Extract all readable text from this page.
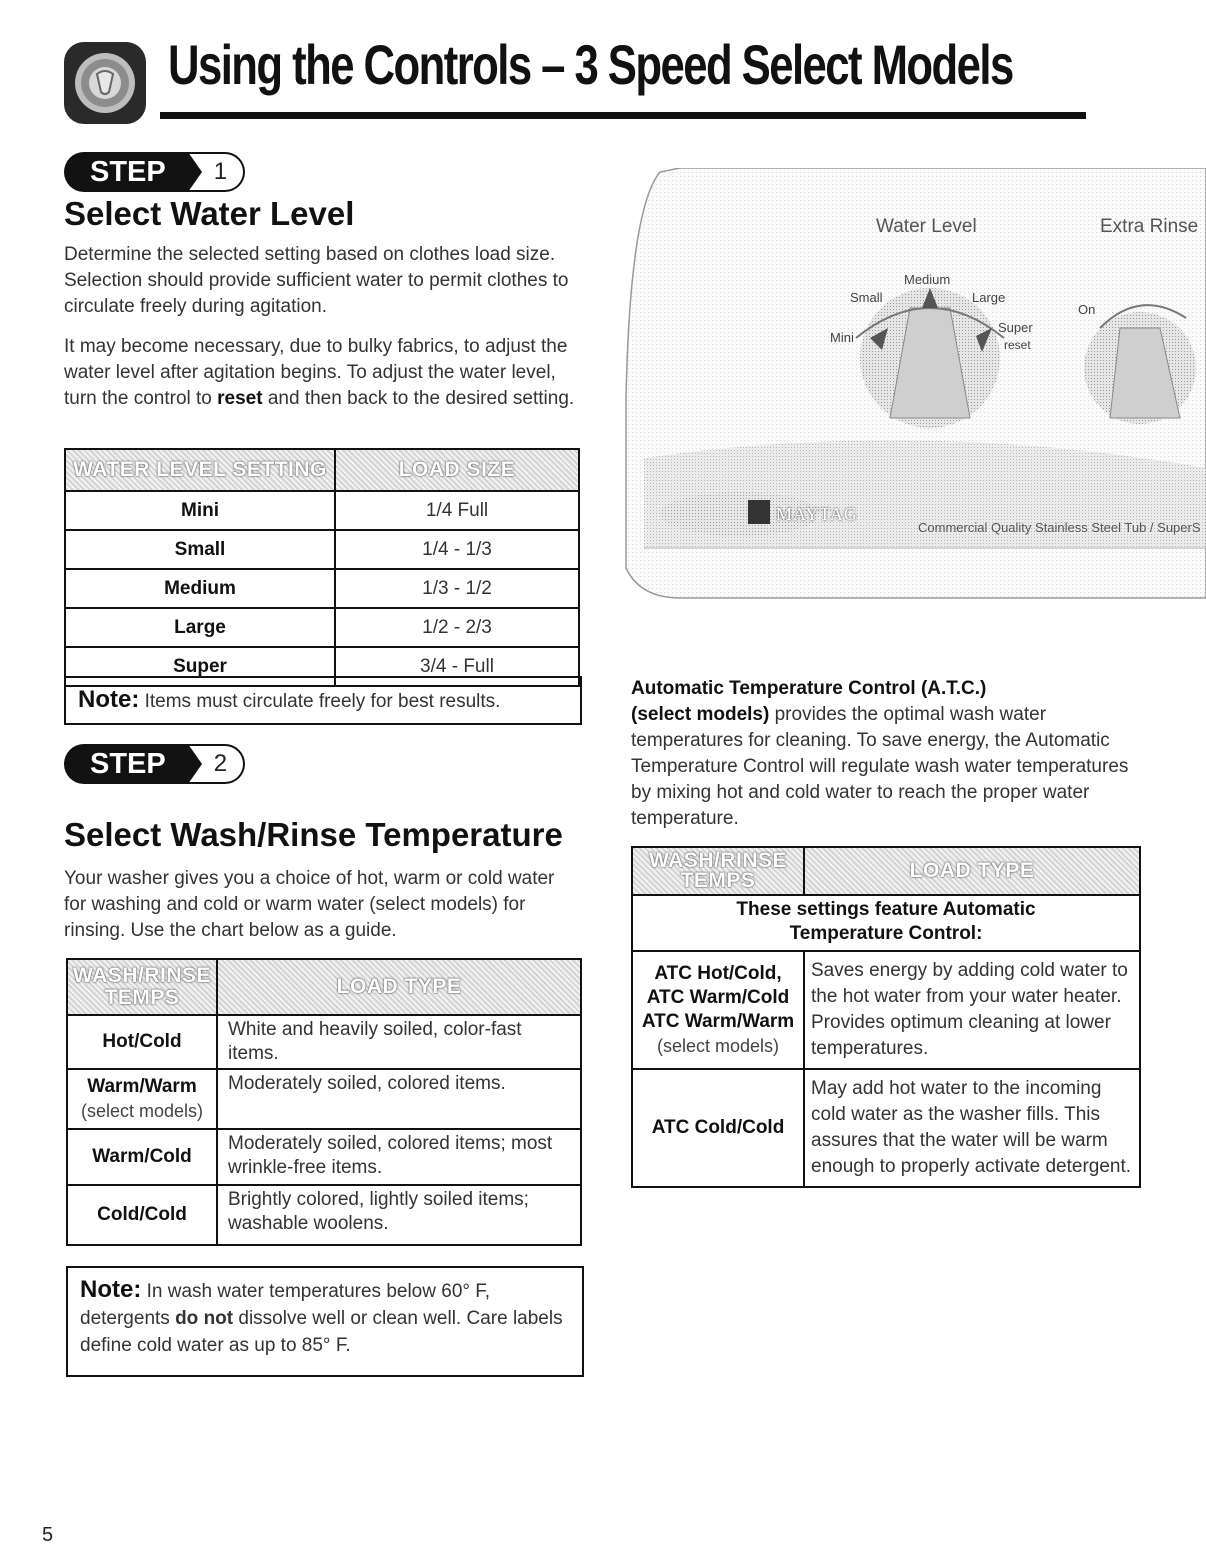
Using the Controls – 3 Speed Select Models
STEP	1
Select Water Level
Determine the selected setting based on clothes load size. Selection should provide sufficient water to permit clothes to circulate freely during agitation.
It may become necessary, due to bulky fabrics, to adjust the water level after agitation begins. To adjust the water level, turn the control to reset and then back to the desired setting.
WATER LEVEL SETTING	LOAD SIZE
Mini	1/4 Full
Small	1/4 - 1/3
Medium	1/3 - 1/2
Large	1/2 - 2/3
Super	3/4 - Full
Note: Items must circulate freely for best results.
STEP	2
Select Wash/Rinse Temperature
Your washer gives you a choice of hot, warm or cold water for washing and cold or warm water (select models) for rinsing. Use the chart below as a guide.
WASH/RINSE TEMPS	LOAD TYPE
Hot/Cold	White and heavily soiled, color-fast items.
Warm/Warm
(select models)	Moderately soiled, colored items.
Warm/Cold	Moderately soiled, colored items; most wrinkle-free items.
Cold/Cold	Brightly colored, lightly soiled items; washable woolens.
Note: In wash water temperatures below 60° F, detergents do not dissolve well or clean well. Care labels define cold water as up to 85° F.
Water Level	Extra Rinse
Mini
Small
Medium
Large
Super
reset
On
MAYTAG
Commercial Quality Stainless Steel Tub / SuperS
Automatic Temperature Control (A.T.C.)
(select models) provides the optimal wash water temperatures for cleaning. To save energy, the Automatic Temperature Control will regulate wash water temperatures by mixing hot and cold water to reach the proper water temperature.
WASH/RINSE TEMPS	LOAD TYPE
These settings feature Automatic Temperature Control:	

ATC Hot/Cold,
ATC Warm/Cold
ATC Warm/Warm
(select models)	Saves energy by adding cold water to the hot water from your water heater. Provides optimum cleaning at lower temperatures.
ATC Cold/Cold	May add hot water to the incoming cold water as the washer fills. This assures that the water will be warm enough to properly activate detergent.
5
